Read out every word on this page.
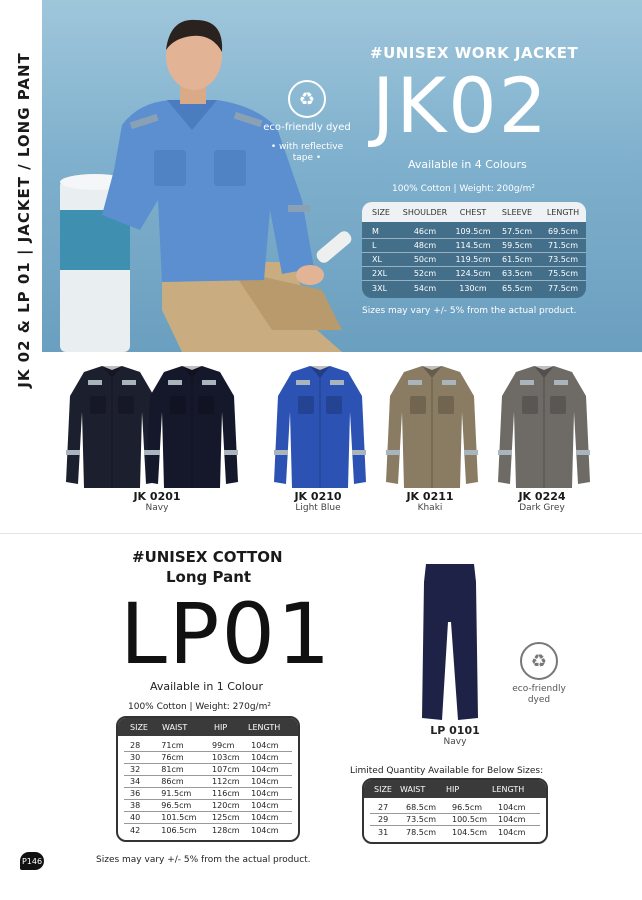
JK 02 & LP 01 | JACKET / LONG PANT	♻
eco-friendly dyed
• with reflective tape •
#UNISEX WORK JACKET
JK02
Available in 4 Colours
100% Cotton | Weight: 200g/m²
SIZE	SHOULDER	CHEST	SLEEVE	LENGTH
M	46cm	109.5cm	57.5cm	69.5cm
L	48cm	114.5cm	59.5cm	71.5cm
XL	50cm	119.5cm	61.5cm	73.5cm
2XL	52cm	124.5cm	63.5cm	75.5cm
3XL	54cm	130cm	65.5cm	77.5cm
Sizes may vary +/- 5% from the actual product.
JK 0201
Navy
JK 0210
Light Blue
JK 0211
Khaki
JK 0224
Dark Grey
#UNISEX COTTON
Long Pant
LP01
Available in 1 Colour
100% Cotton | Weight: 270g/m²
SIZE	WAIST	HIP	LENGTH
28	71cm	99cm	104cm
30	76cm	103cm	104cm
32	81cm	107cm	104cm
34	86cm	112cm	104cm
36	91.5cm	116cm	104cm
38	96.5cm	120cm	104cm
40	101.5cm	125cm	104cm
42	106.5cm	128cm	104cm
Sizes may vary +/- 5% from the actual product.
LP 0101
Navy
♻
eco-friendly dyed
Limited Quantity Available for Below Sizes:
SIZE	WAIST	HIP	LENGTH
27	68.5cm	96.5cm	104cm
29	73.5cm	100.5cm	104cm
31	78.5cm	104.5cm	104cm
P146
